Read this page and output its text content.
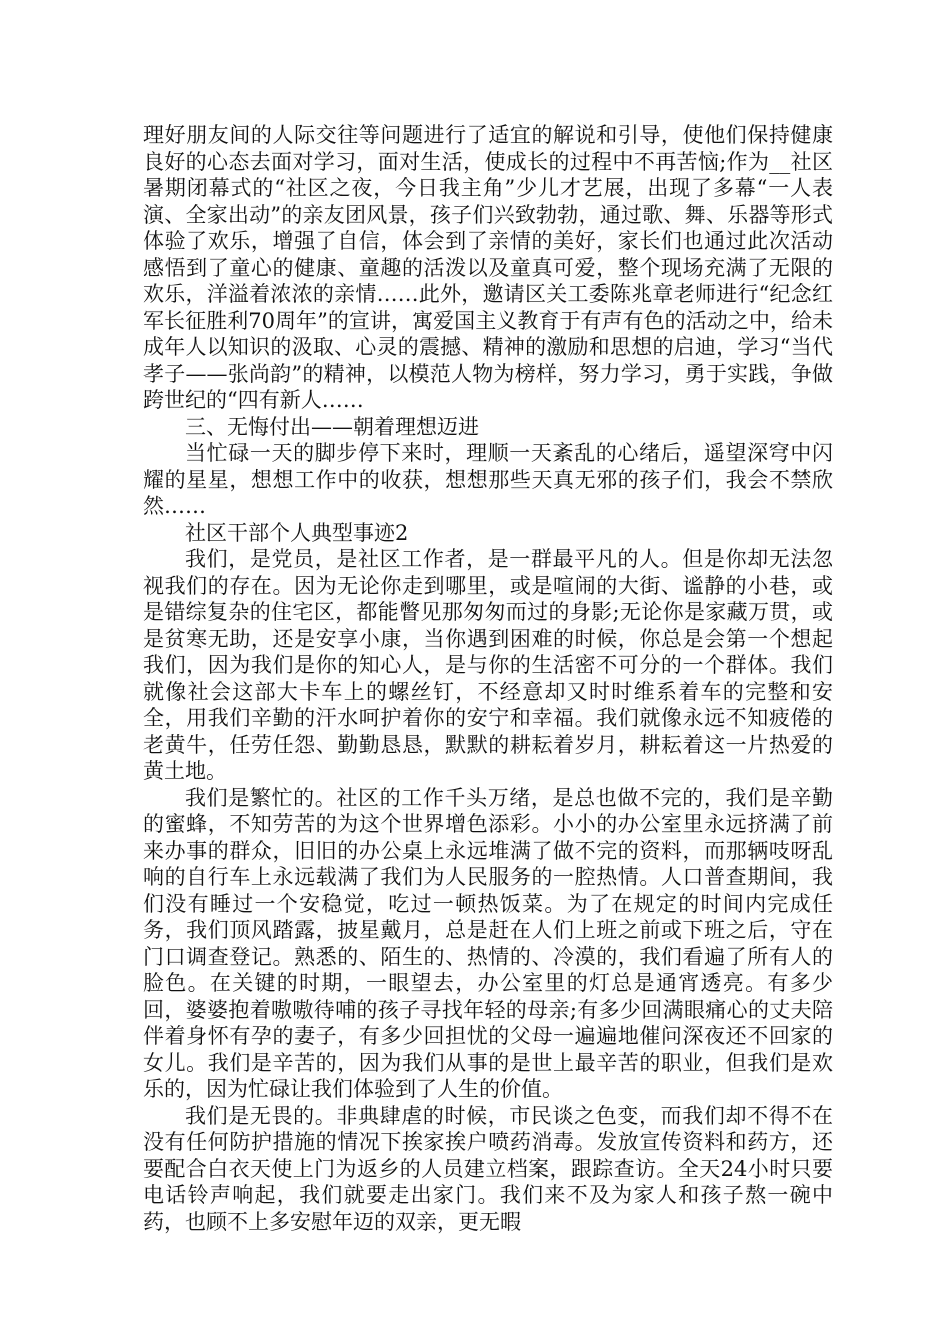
理好朋友间的人际交往等问题进行了适宜的解说和引导，使他们保持健康良好的心态去面对学习，面对生活，使成长的过程中不再苦恼;作为__社区暑期闭幕式的“社区之夜，今日我主角”少儿才艺展，出现了多幕“一人表演、全家出动”的亲友团风景，孩子们兴致勃勃，通过歌、舞、乐器等形式体验了欢乐，增强了自信，体会到了亲情的美好，家长们也通过此次活动感悟到了童心的健康、童趣的活泼以及童真可爱，整个现场充满了无限的欢乐，洋溢着浓浓的亲情……此外，邀请区关工委陈兆章老师进行“纪念红军长征胜利70周年”的宣讲，寓爱国主义教育于有声有色的活动之中，给未成年人以知识的汲取、心灵的震撼、精神的激励和思想的启迪，学习“当代孝子——张尚韵”的精神，以模范人物为榜样，努力学习，勇于实践，争做跨世纪的“四有新人……

三、无悔付出——朝着理想迈进

当忙碌一天的脚步停下来时，理顺一天紊乱的心绪后，遥望深穹中闪耀的星星，想想工作中的收获，想想那些天真无邪的孩子们，我会不禁欣然……

社区干部个人典型事迹2

我们，是党员，是社区工作者，是一群最平凡的人。但是你却无法忽视我们的存在。因为无论你走到哪里，或是喧闹的大街、谧静的小巷，或是错综复杂的住宅区，都能瞥见那匆匆而过的身影;无论你是家藏万贯，或是贫寒无助，还是安享小康，当你遇到困难的时候，你总是会第一个想起我们，因为我们是你的知心人，是与你的生活密不可分的一个群体。我们就像社会这部大卡车上的螺丝钉，不经意却又时时维系着车的完整和安全，用我们辛勤的汗水呵护着你的安宁和幸福。我们就像永远不知疲倦的老黄牛，任劳任怨、勤勤恳恳，默默的耕耘着岁月，耕耘着这一片热爱的黄土地。

我们是繁忙的。社区的工作千头万绪，是总也做不完的，我们是辛勤的蜜蜂，不知劳苦的为这个世界增色添彩。小小的办公室里永远挤满了前来办事的群众，旧旧的办公桌上永远堆满了做不完的资料，而那辆吱呀乱响的自行车上永远载满了我们为人民服务的一腔热情。人口普查期间，我们没有睡过一个安稳觉，吃过一顿热饭菜。为了在规定的时间内完成任务，我们顶风踏露，披星戴月，总是赶在人们上班之前或下班之后，守在门口调查登记。熟悉的、陌生的、热情的、冷漠的，我们看遍了所有人的脸色。在关键的时期，一眼望去，办公室里的灯总是通宵透亮。有多少回，婆婆抱着嗷嗷待哺的孩子寻找年轻的母亲;有多少回满眼痛心的丈夫陪伴着身怀有孕的妻子，有多少回担忧的父母一遍遍地催问深夜还不回家的女儿。我们是辛苦的，因为我们从事的是世上最辛苦的职业，但我们是欢乐的，因为忙碌让我们体验到了人生的价值。

我们是无畏的。非典肆虐的时候，市民谈之色变，而我们却不得不在没有任何防护措施的情况下挨家挨户喷药消毒。发放宣传资料和药方，还要配合白衣天使上门为返乡的人员建立档案，跟踪查访。全天24小时只要电话铃声响起，我们就要走出家门。我们来不及为家人和孩子熬一碗中药，也顾不上多安慰年迈的双亲，更无暇
